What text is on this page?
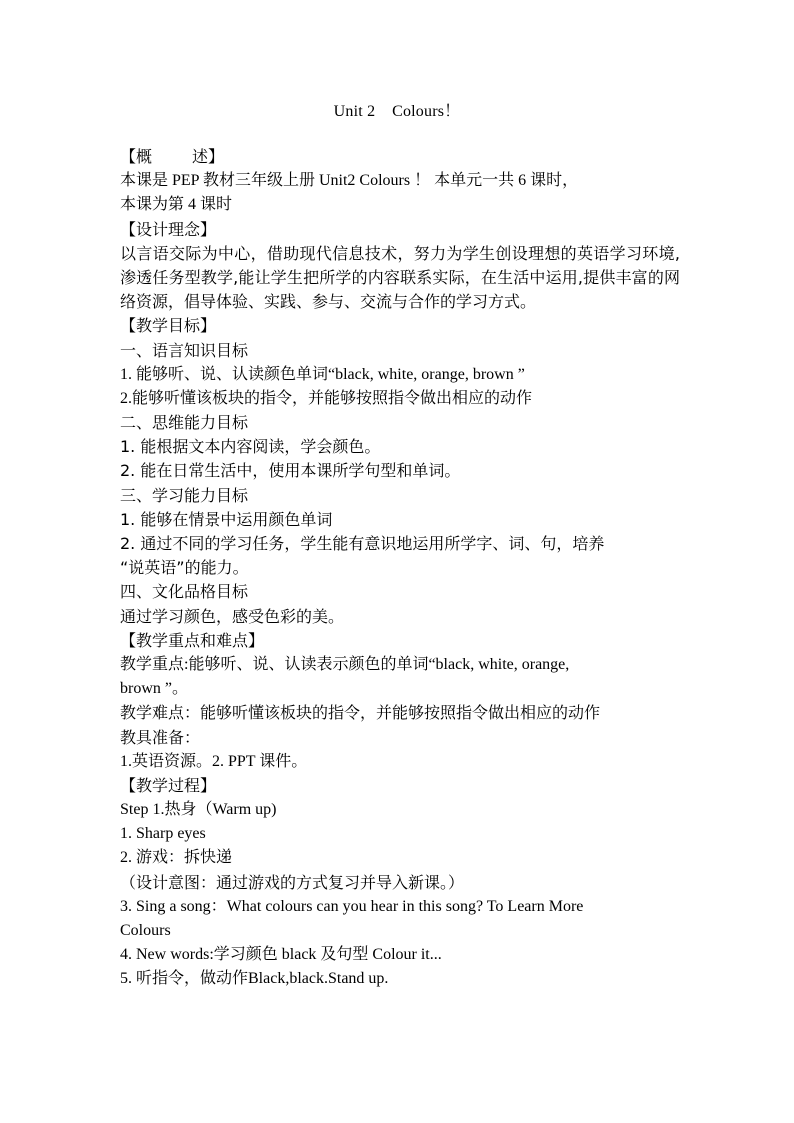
Unit 2    Colours！
【概	述】
本课是 PEP 教材三年级上册 Unit2 Colours ！ 本单元一共 6 课时，
本课为第 4 课时
【设计理念】
以言语交际为中心，借助现代信息技术，努力为学生创设理想的英语学习环境,渗透任务型教学,能让学生把所学的内容联系实际，在生活中运用,提供丰富的网络资源，倡导体验、实践、参与、交流与合作的学习方式。
【教学目标】
一、语言知识目标
1. 能够听、说、认读颜色单词“black, white, orange, brown ”
2.能够听懂该板块的指令，并能够按照指令做出相应的动作
二、思维能力目标
1. 能根据文本内容阅读，学会颜色。
2. 能在日常生活中，使用本课所学句型和单词。
三、学习能力目标
1. 能够在情景中运用颜色单词
2. 通过不同的学习任务，学生能有意识地运用所学字、词、句，培养
“说英语”的能力。
四、文化品格目标
通过学习颜色，感受色彩的美。
【教学重点和难点】
教学重点:能够听、说、认读表示颜色的单词“black, white, orange,
brown ”。
教学难点：能够听懂该板块的指令，并能够按照指令做出相应的动作
教具准备：
1.英语资源。2. PPT 课件。
【教学过程】
Step 1.热身（Warm up)
1. Sharp eyes
2. 游戏：拆快递
（设计意图：通过游戏的方式复习并导入新课。）
3. Sing a song：What colours can you hear in this song? To Learn More
Colours
4. New words:学习颜色 black 及句型 Colour it...
5. 听指令，做动作Black,black.Stand up.
